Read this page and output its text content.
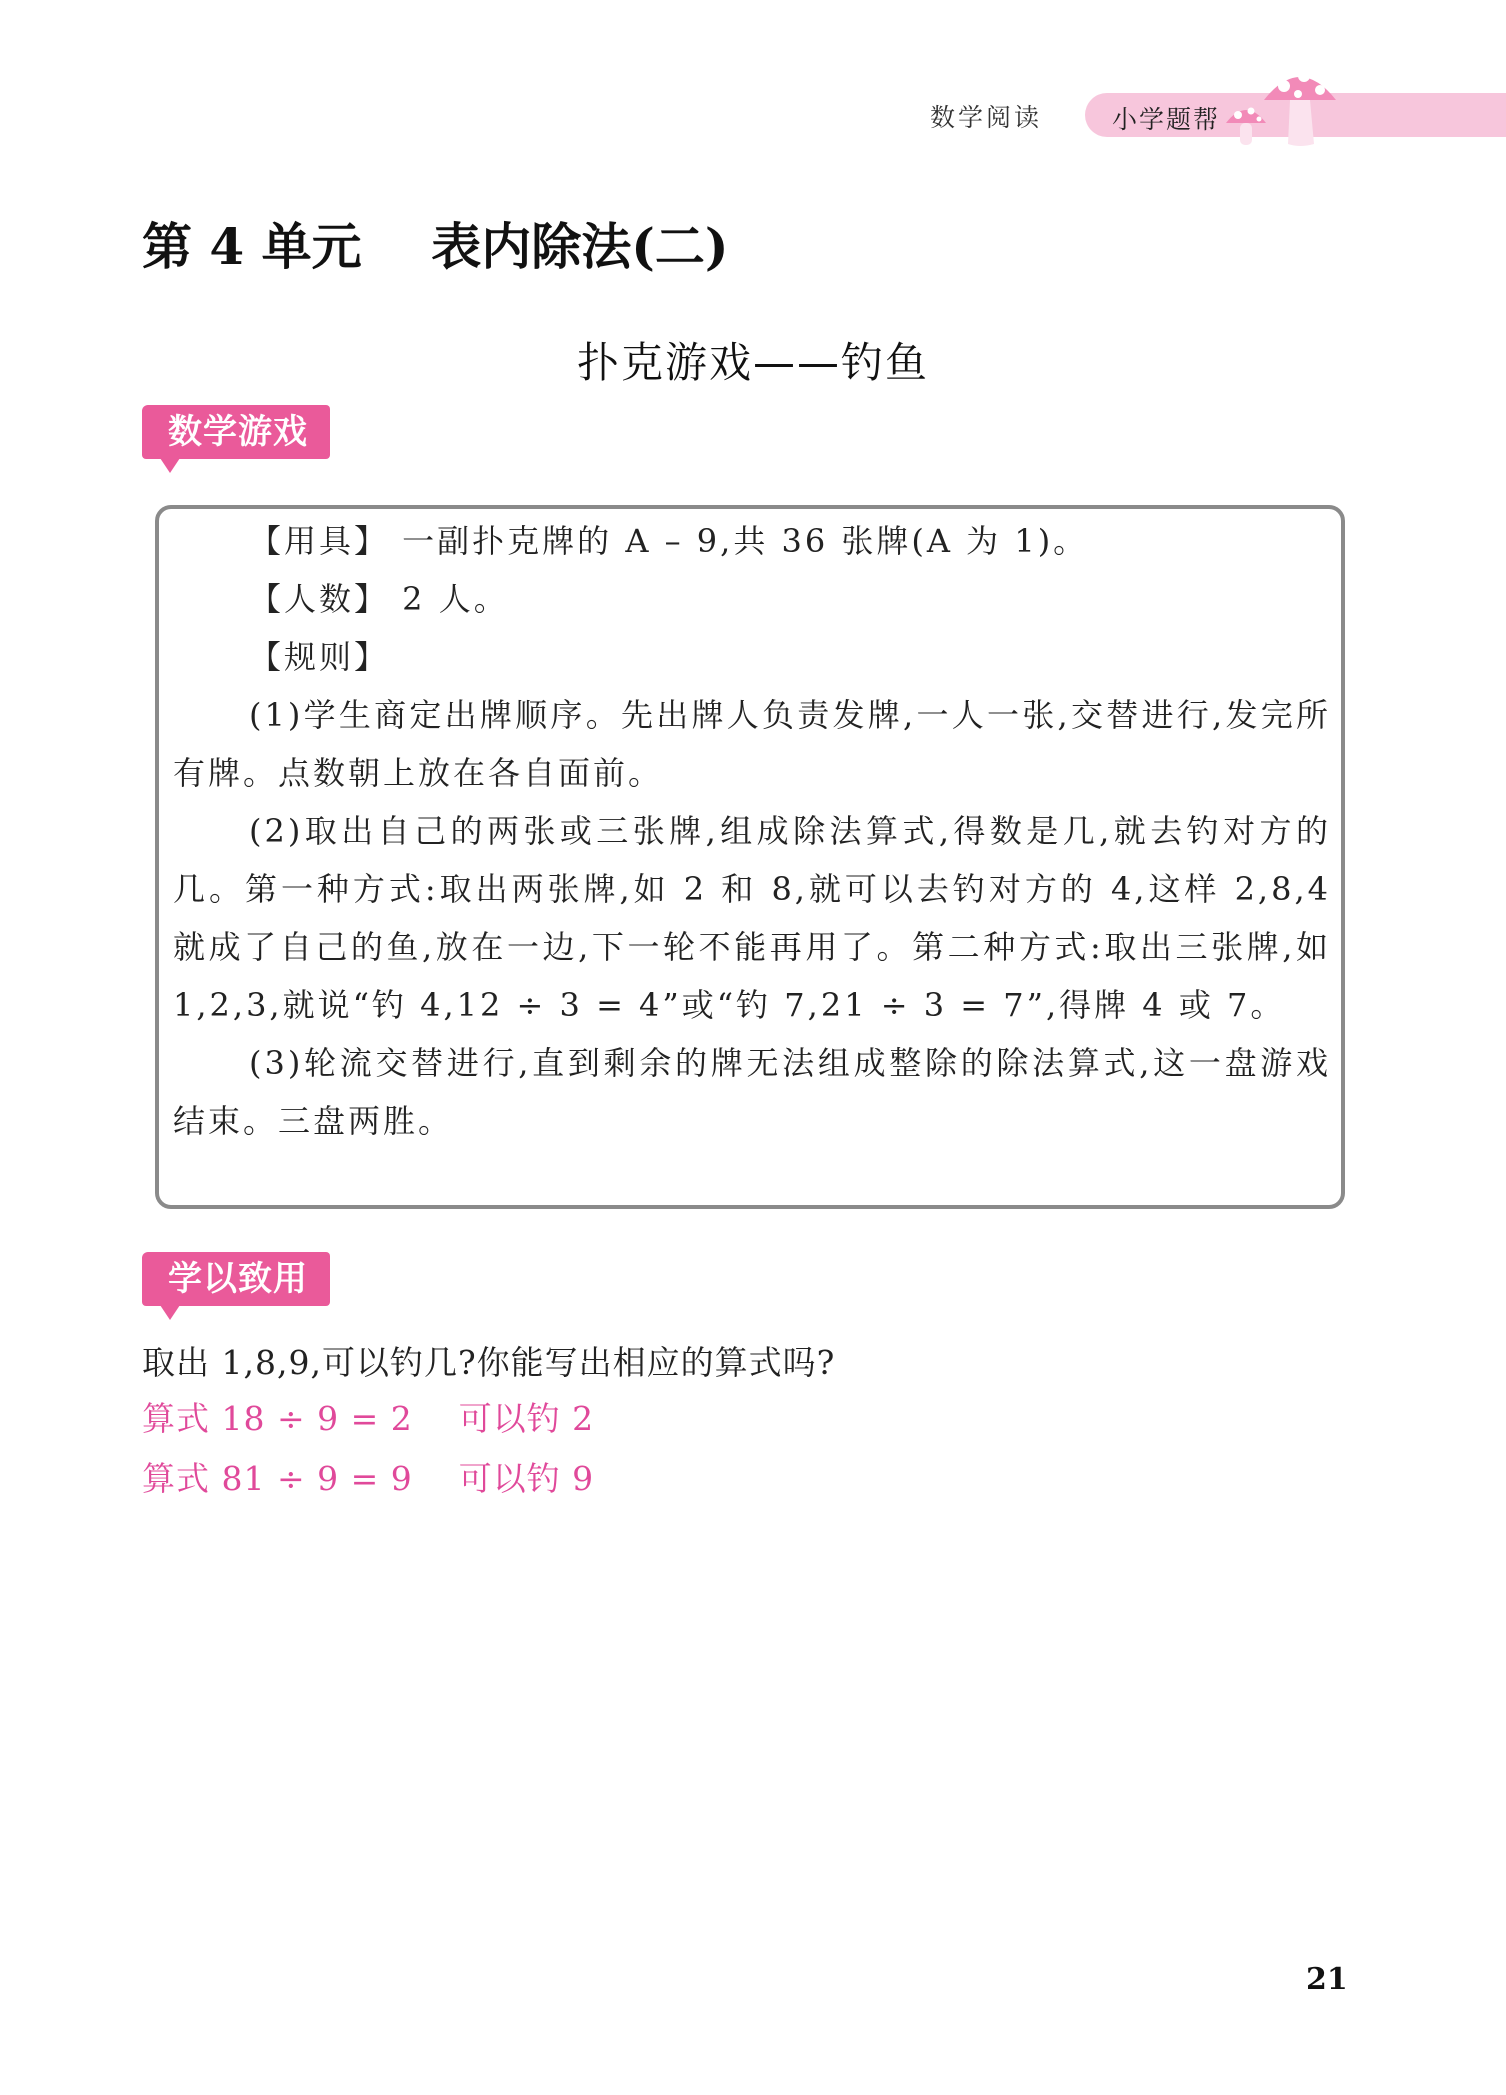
数学阅读	小学题帮
第 4 单元    表内除法(二)
扑克游戏——钓鱼
数学游戏

【用具】 一副扑克牌的 A – 9,共 36 张牌(A 为 1)。

【人数】 2 人。

【规则】

(1)学生商定出牌顺序。先出牌人负责发牌,一人一张,交替进行,发完所有牌。点数朝上放在各自面前。

(2)取出自己的两张或三张牌,组成除法算式,得数是几,就去钓对方的几。第一种方式:取出两张牌,如 2 和 8,就可以去钓对方的 4,这样 2,8,4 就成了自己的鱼,放在一边,下一轮不能再用了。第二种方式:取出三张牌,如 1,2,3,就说“钓 4,12 ÷ 3 = 4”或“钓 7,21 ÷ 3 = 7”,得牌 4 或 7。

(3)轮流交替进行,直到剩余的牌无法组成整除的除法算式,这一盘游戏结束。三盘两胜。

学以致用
取出 1,8,9,可以钓几?你能写出相应的算式吗?
算式 18 ÷ 9 = 2    可以钓 2
算式 81 ÷ 9 = 9    可以钓 9
21
